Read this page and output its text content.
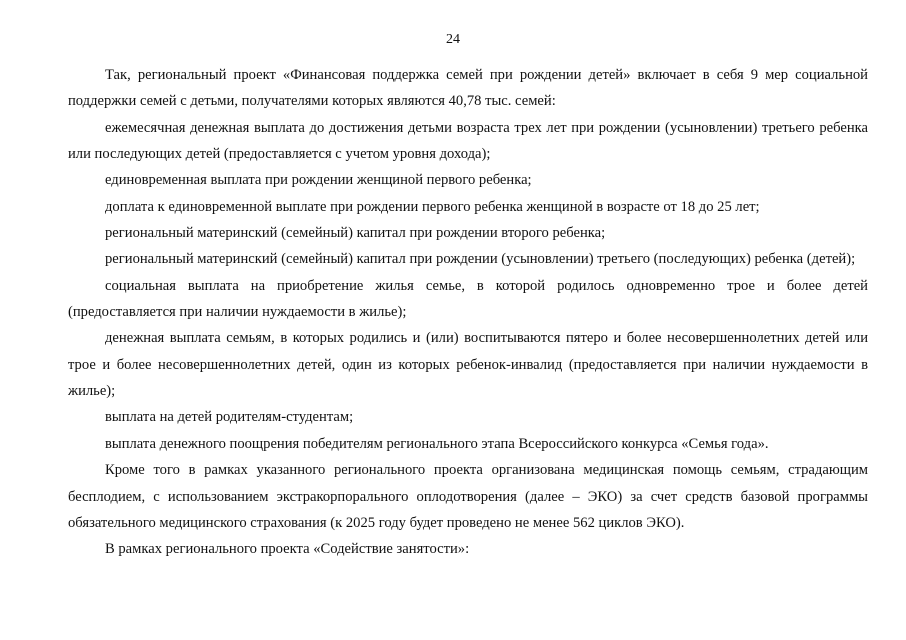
24

Так, региональный проект «Финансовая поддержка семей при рождении детей» включает в себя 9 мер социальной поддержки семей с детьми, получателями которых являются 40,78 тыс. семей:

ежемесячная денежная выплата до достижения детьми возраста трех лет при рождении (усыновлении) третьего ребенка или последующих детей (предоставляется с учетом уровня дохода);

единовременная выплата при рождении женщиной первого ребенка;

доплата к единовременной выплате при рождении первого ребенка женщиной в возрасте от 18 до 25 лет;

региональный материнский (семейный) капитал при рождении второго ребенка;

региональный материнский (семейный) капитал при рождении (усыновлении) третьего (последующих) ребенка (детей);

социальная выплата на приобретение жилья семье, в которой родилось одновременно трое и более детей (предоставляется при наличии нуждаемости в жилье);

денежная выплата семьям, в которых родились и (или) воспитываются пятеро и более несовершеннолетних детей или трое и более несовершеннолетних детей, один из которых ребенок-инвалид (предоставляется при наличии нуждаемости в жилье);

выплата на детей родителям-студентам;

выплата денежного поощрения победителям регионального этапа Всероссийского конкурса «Семья года».

Кроме того в рамках указанного регионального проекта организована медицинская помощь семьям, страдающим бесплодием, с использованием экстракорпорального оплодотворения (далее – ЭКО) за счет средств базовой программы обязательного медицинского страхования (к 2025 году будет проведено не менее 562 циклов ЭКО).

В рамках регионального проекта «Содействие занятости»:
